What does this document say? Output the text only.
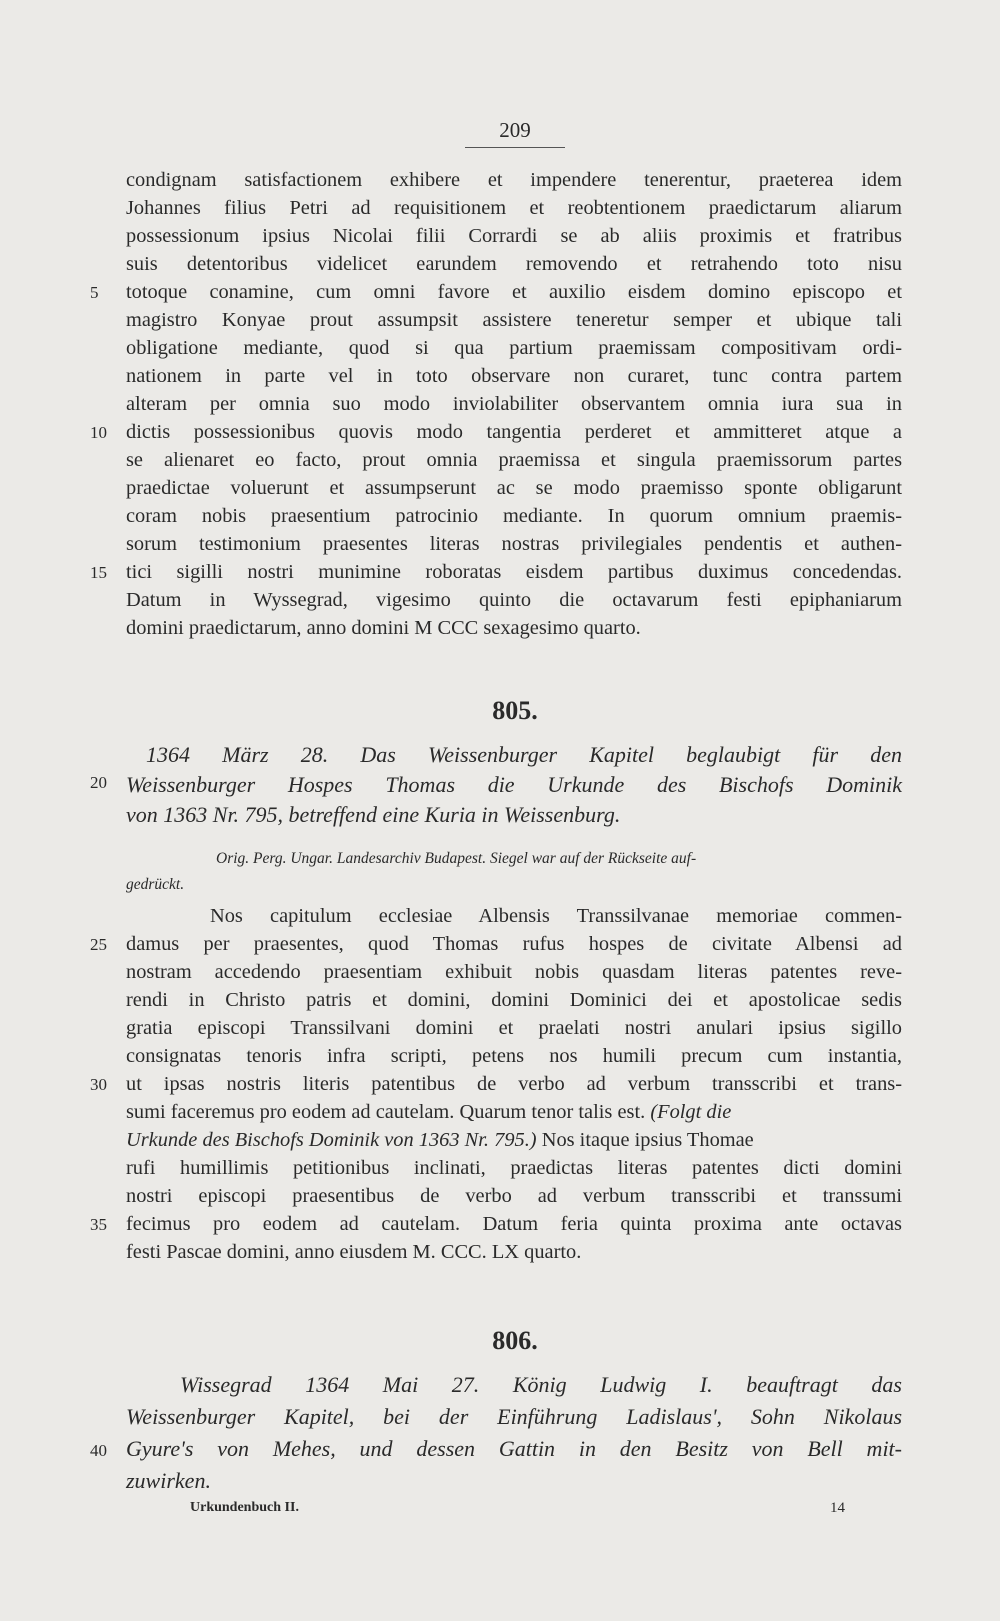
209
condignam satisfactionem exhibere et impendere tenerentur, praeterea idem
Johannes filius Petri ad requisitionem et reobtentionem praedictarum aliarum
possessionum ipsius Nicolai filii Corrardi se ab aliis proximis et fratribus
suis detentoribus videlicet earundem removendo et retrahendo toto nisu
totoque conamine, cum omni favore et auxilio eisdem domino episcopo et
magistro Konyae prout assumpsit assistere teneretur semper et ubique tali
obligatione mediante, quod si qua partium praemissam compositivam ordi-
nationem in parte vel in toto observare non curaret, tunc contra partem
alteram per omnia suo modo inviolabiliter observantem omnia iura sua in
dictis possessionibus quovis modo tangentia perderet et ammitteret atque a
se alienaret eo facto, prout omnia praemissa et singula praemissorum partes
praedictae voluerunt et assumpserunt ac se modo praemisso sponte obligarunt
coram nobis praesentium patrocinio mediante. In quorum omnium praemis-
sorum testimonium praesentes literas nostras privilegiales pendentis et authen-
tici sigilli nostri munimine roboratas eisdem partibus duximus concedendas.
Datum in Wyssegrad, vigesimo quinto die octavarum festi epiphaniarum
domini praedictarum, anno domini M CCC sexagesimo quarto.
5
10
15
20
25
30
35
40
805.
1364 März 28. Das Weissenburger Kapitel beglaubigt für den
Weissenburger Hospes Thomas die Urkunde des Bischofs Dominik
von 1363 Nr. 795, betreffend eine Kuria in Weissenburg.
Orig. Perg. Ungar. Landesarchiv Budapest. Siegel war auf der Rückseite auf-
gedrückt.
Nos capitulum ecclesiae Albensis Transsilvanae memoriae commen-
damus per praesentes, quod Thomas rufus hospes de civitate Albensi ad
nostram accedendo praesentiam exhibuit nobis quasdam literas patentes reve-
rendi in Christo patris et domini, domini Dominici dei et apostolicae sedis
gratia episcopi Transsilvani domini et praelati nostri anulari ipsius sigillo
consignatas tenoris infra scripti, petens nos humili precum cum instantia,
ut ipsas nostris literis patentibus de verbo ad verbum transscribi et trans-
sumi faceremus pro eodem ad cautelam. Quarum tenor talis est. (Folgt die
Urkunde des Bischofs Dominik von 1363 Nr. 795.) Nos itaque ipsius Thomae
rufi humillimis petitionibus inclinati, praedictas literas patentes dicti domini
nostri episcopi praesentibus de verbo ad verbum transscribi et transsumi
fecimus pro eodem ad cautelam. Datum feria quinta proxima ante octavas
festi Pascae domini, anno eiusdem M. CCC. LX quarto.
806.
Wissegrad 1364 Mai 27. König Ludwig I. beauftragt das
Weissenburger Kapitel, bei der Einführung Ladislaus', Sohn Nikolaus
Gyure's von Mehes, und dessen Gattin in den Besitz von Bell mit-
zuwirken.
Urkundenbuch II.	14
